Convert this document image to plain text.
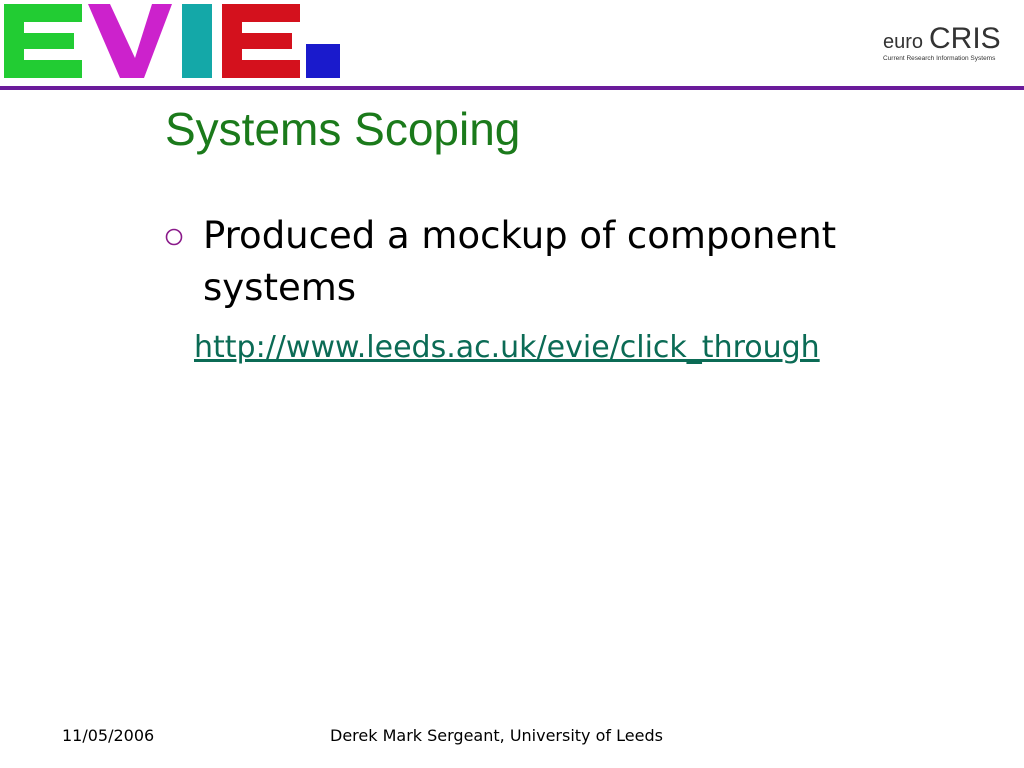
euro CRIS
Current Research Information Systems
Systems Scoping
Produced a mockup of component systems
http://www.leeds.ac.uk/evie/click_through
11/05/2006	Derek Mark Sergeant, University of Leeds
